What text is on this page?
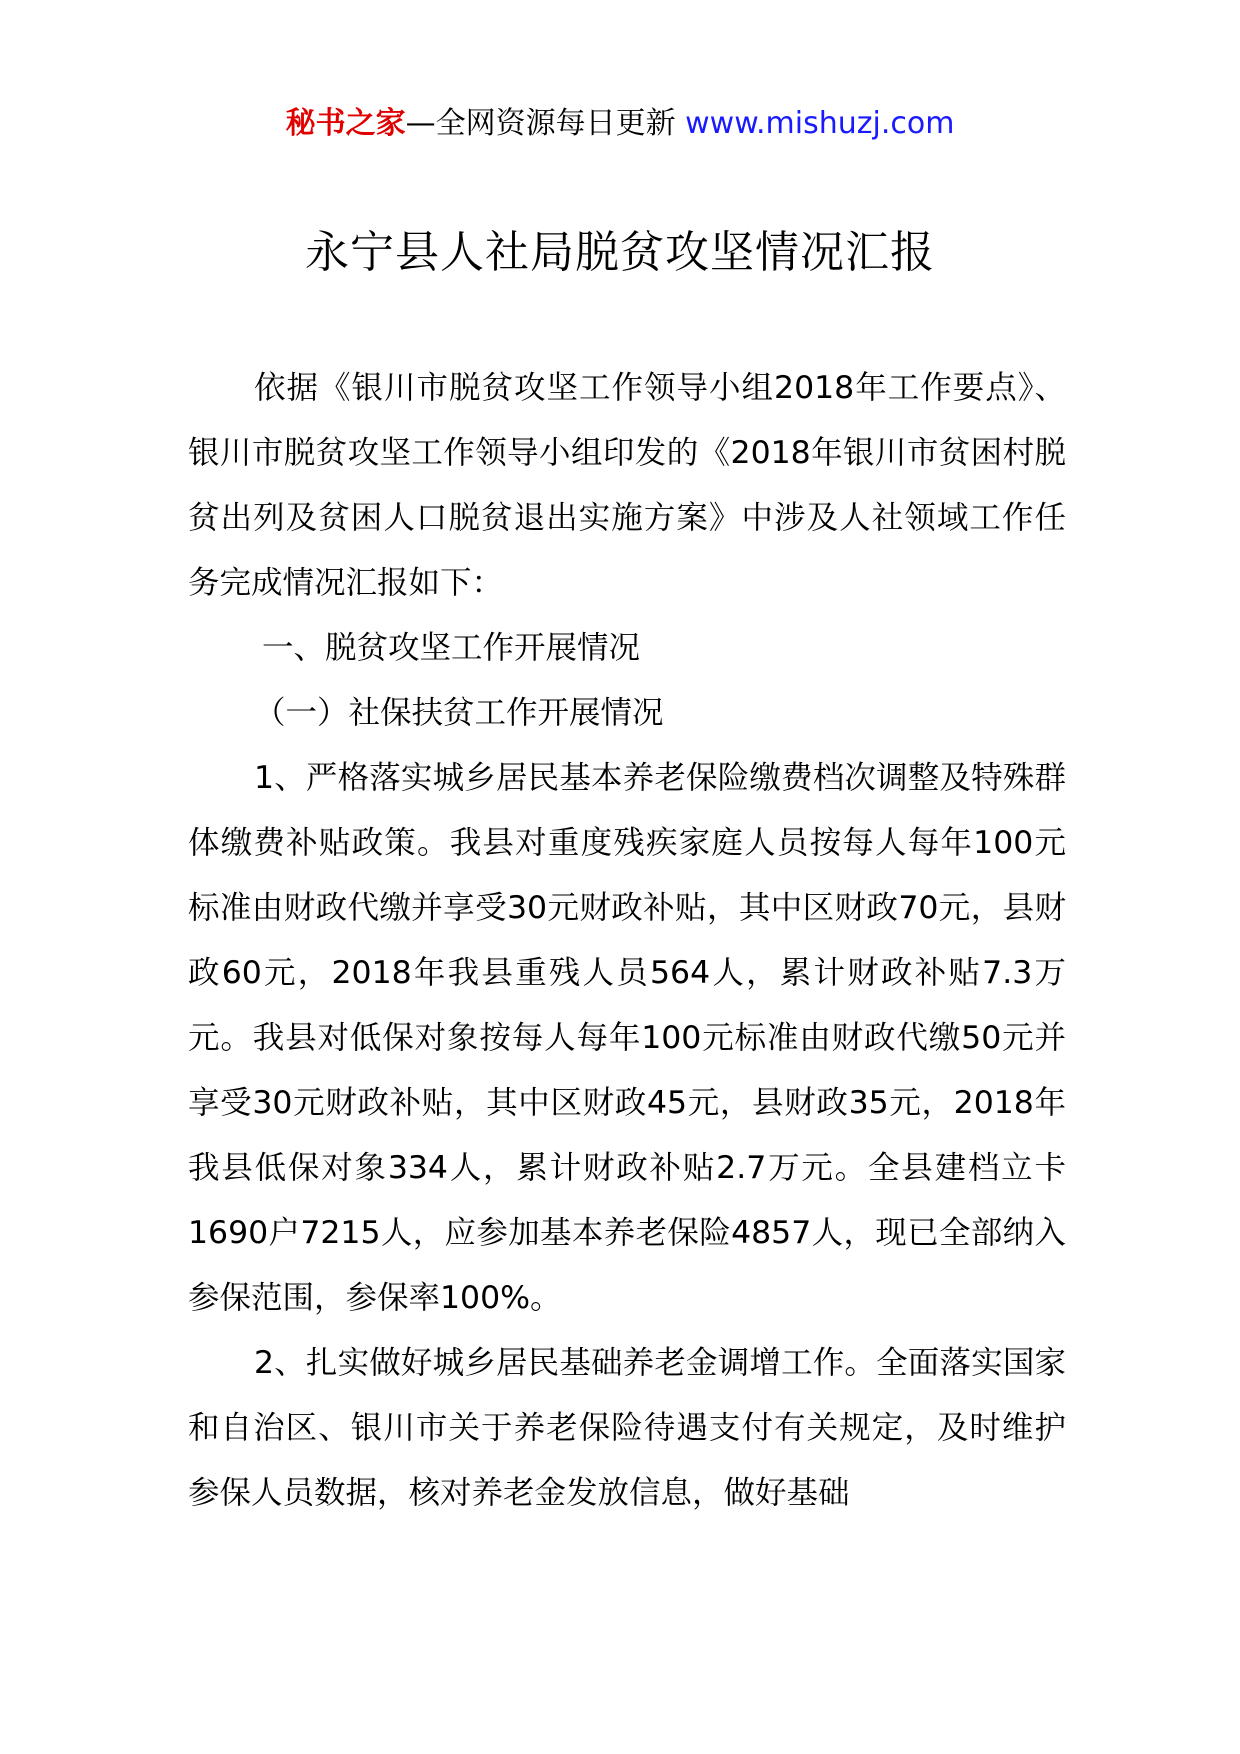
秘书之家—全网资源每日更新 www.mishuzj.com
永宁县人社局脱贫攻坚情况汇报

依据《银川市脱贫攻坚工作领导小组2018年工作要点》、银川市脱贫攻坚工作领导小组印发的《2018年银川市贫困村脱贫出列及贫困人口脱贫退出实施方案》中涉及人社领域工作任务完成情况汇报如下：

一、脱贫攻坚工作开展情况

（一）社保扶贫工作开展情况

1、严格落实城乡居民基本养老保险缴费档次调整及特殊群体缴费补贴政策。我县对重度残疾家庭人员按每人每年100元标准由财政代缴并享受30元财政补贴，其中区财政70元，县财政60元，2018年我县重残人员564人，累计财政补贴7.3万元。我县对低保对象按每人每年100元标准由财政代缴50元并享受30元财政补贴，其中区财政45元，县财政35元，2018年我县低保对象334人，累计财政补贴2.7万元。全县建档立卡1690户7215人，应参加基本养老保险4857人，现已全部纳入参保范围，参保率100%。

2、扎实做好城乡居民基础养老金调增工作。全面落实国家和自治区、银川市关于养老保险待遇支付有关规定，及时维护参保人员数据，核对养老金发放信息，做好基础
